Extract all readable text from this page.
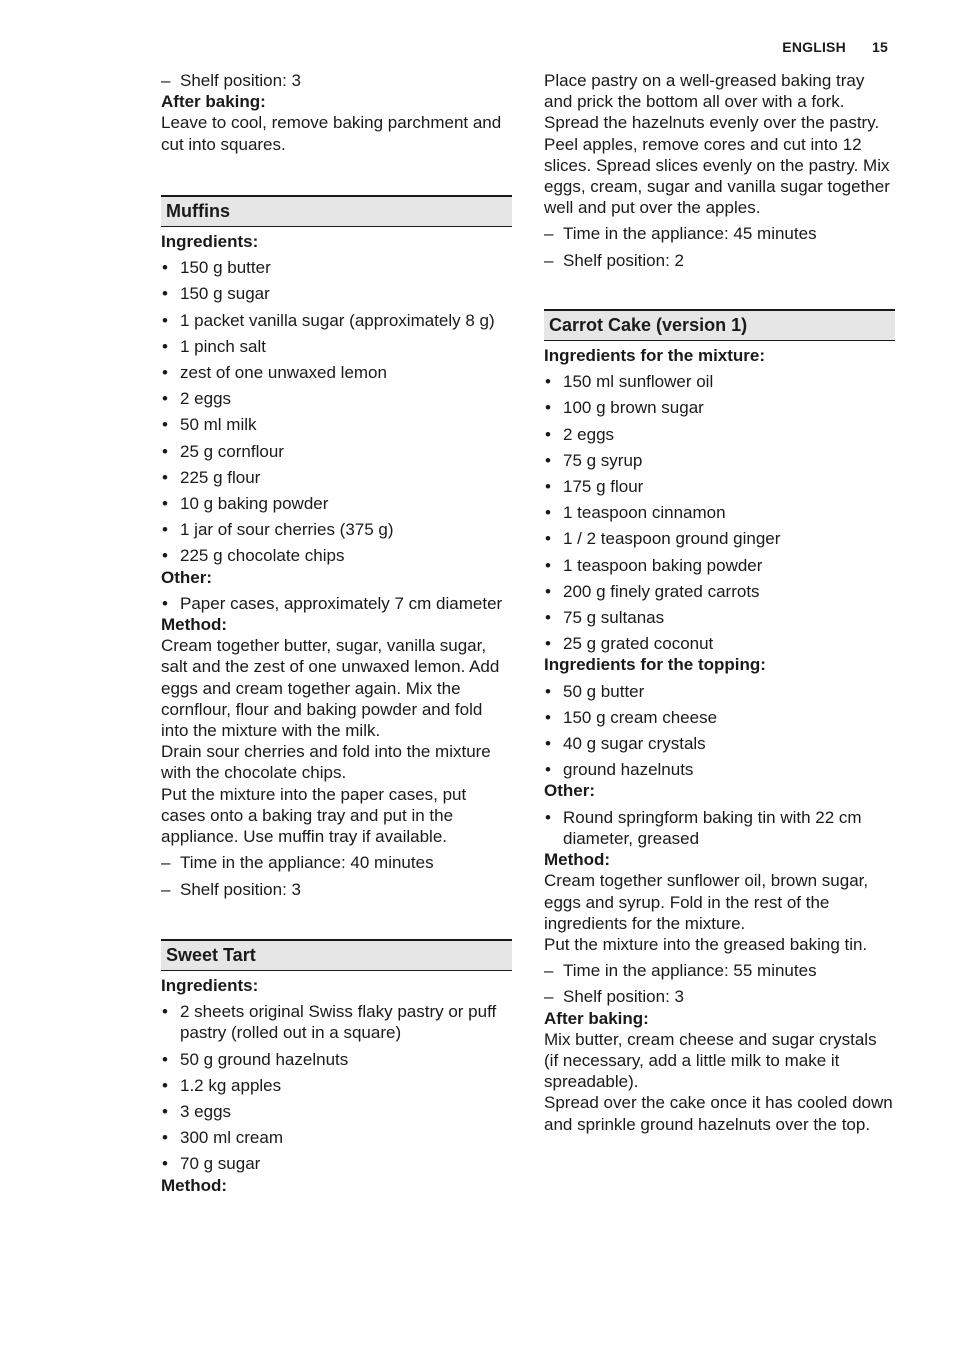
ENGLISH 15
– Shelf position: 3

After baking:

Leave to cool, remove baking parchment and cut into squares.

Muffins

Ingredients:

• 150 g butter
• 150 g sugar
• 1 packet vanilla sugar (approximately 8 g)
• 1 pinch salt
• zest of one unwaxed lemon
• 2 eggs
• 50 ml milk
• 25 g cornflour
• 225 g flour
• 10 g baking powder
• 1 jar of sour cherries (375 g)
• 225 g chocolate chips

Other:

• Paper cases, approximately 7 cm diameter

Method:

Cream together butter, sugar, vanilla sugar, salt and the zest of one unwaxed lemon. Add eggs and cream together again. Mix the cornflour, flour and baking powder and fold into the mixture with the milk.

Drain sour cherries and fold into the mixture with the chocolate chips.

Put the mixture into the paper cases, put cases onto a baking tray and put in the appliance. Use muffin tray if available.

– Time in the appliance: 40 minutes
– Shelf position: 3
Sweet Tart

Ingredients:

• 2 sheets original Swiss flaky pastry or puff pastry (rolled out in a square)
• 50 g ground hazelnuts
• 1.2 kg apples
• 3 eggs
• 300 ml cream
• 70 g sugar

Method:

Place pastry on a well-greased baking tray and prick the bottom all over with a fork. Spread the hazelnuts evenly over the pastry. Peel apples, remove cores and cut into 12 slices. Spread slices evenly on the pastry. Mix eggs, cream, sugar and vanilla sugar together well and put over the apples.

– Time in the appliance: 45 minutes
– Shelf position: 2
Carrot Cake (version 1)

Ingredients for the mixture:

• 150 ml sunflower oil
• 100 g brown sugar
• 2 eggs
• 75 g syrup
• 175 g flour
• 1 teaspoon cinnamon
• 1 / 2 teaspoon ground ginger
• 1 teaspoon baking powder
• 200 g finely grated carrots
• 75 g sultanas
• 25 g grated coconut

Ingredients for the topping:

• 50 g butter
• 150 g cream cheese
• 40 g sugar crystals
• ground hazelnuts

Other:

• Round springform baking tin with 22 cm diameter, greased

Method:

Cream together sunflower oil, brown sugar, eggs and syrup. Fold in the rest of the ingredients for the mixture.

Put the mixture into the greased baking tin.

– Time in the appliance: 55 minutes
– Shelf position: 3

After baking:

Mix butter, cream cheese and sugar crystals (if necessary, add a little milk to make it spreadable).

Spread over the cake once it has cooled down and sprinkle ground hazelnuts over the top.
